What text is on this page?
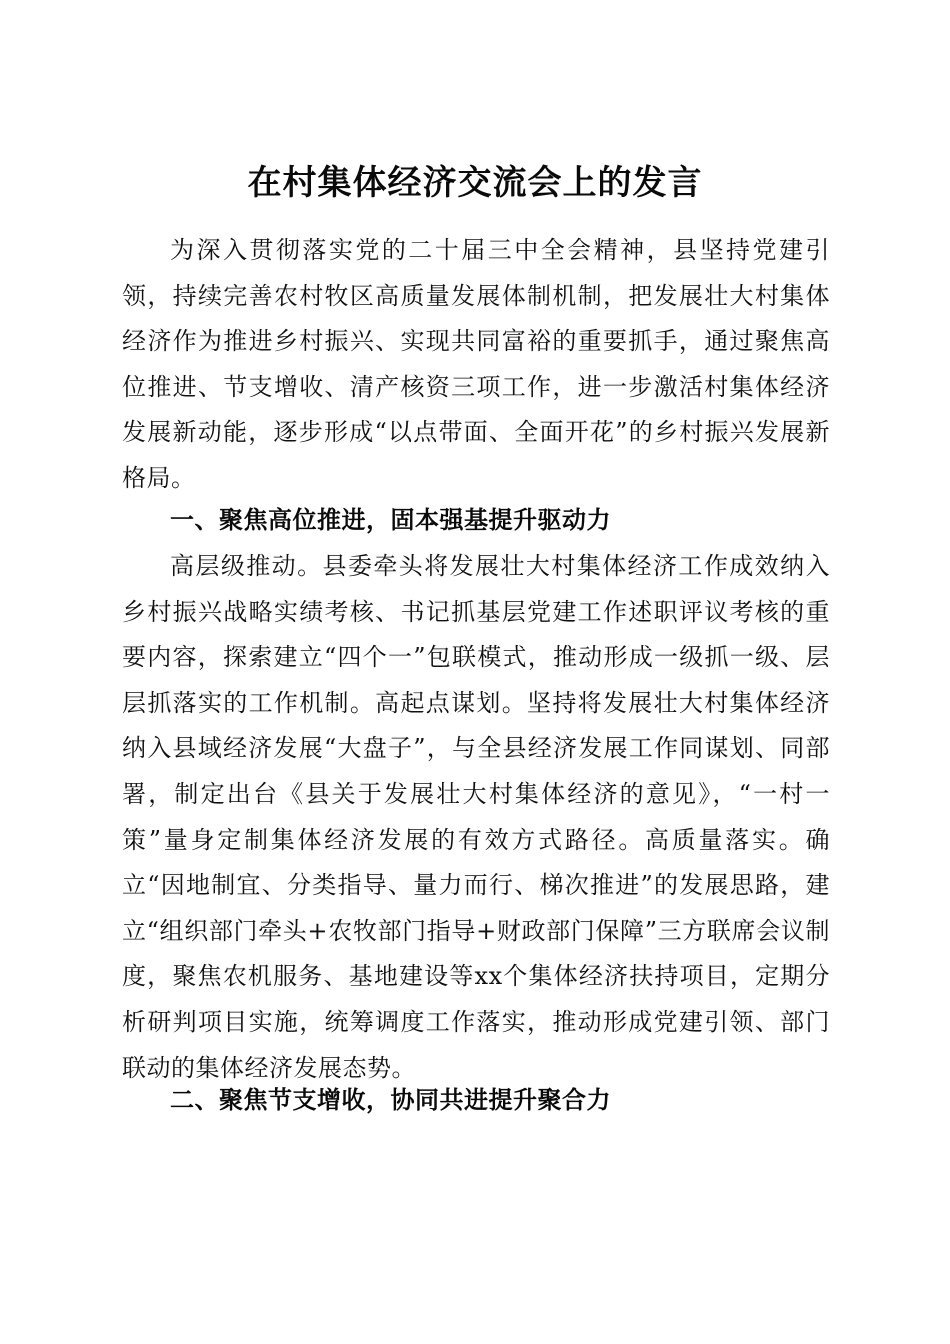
在村集体经济交流会上的发言

为深入贯彻落实党的二十届三中全会精神，县坚持党建引领，持续完善农村牧区高质量发展体制机制，把发展壮大村集体经济作为推进乡村振兴、实现共同富裕的重要抓手，通过聚焦高位推进、节支增收、清产核资三项工作，进一步激活村集体经济发展新动能，逐步形成“以点带面、全面开花”的乡村振兴发展新格局。

一、聚焦高位推进，固本强基提升驱动力

高层级推动。县委牵头将发展壮大村集体经济工作成效纳入乡村振兴战略实绩考核、书记抓基层党建工作述职评议考核的重要内容，探索建立“四个一”包联模式，推动形成一级抓一级、层层抓落实的工作机制。高起点谋划。坚持将发展壮大村集体经济纳入县域经济发展“大盘子”，与全县经济发展工作同谋划、同部署，制定出台《县关于发展壮大村集体经济的意见》，“一村一策”量身定制集体经济发展的有效方式路径。高质量落实。确立“因地制宜、分类指导、量力而行、梯次推进”的发展思路，建立“组织部门牵头+农牧部门指导+财政部门保障”三方联席会议制度，聚焦农机服务、基地建设等xx个集体经济扶持项目，定期分析研判项目实施，统筹调度工作落实，推动形成党建引领、部门联动的集体经济发展态势。

二、聚焦节支增收，协同共进提升聚合力
